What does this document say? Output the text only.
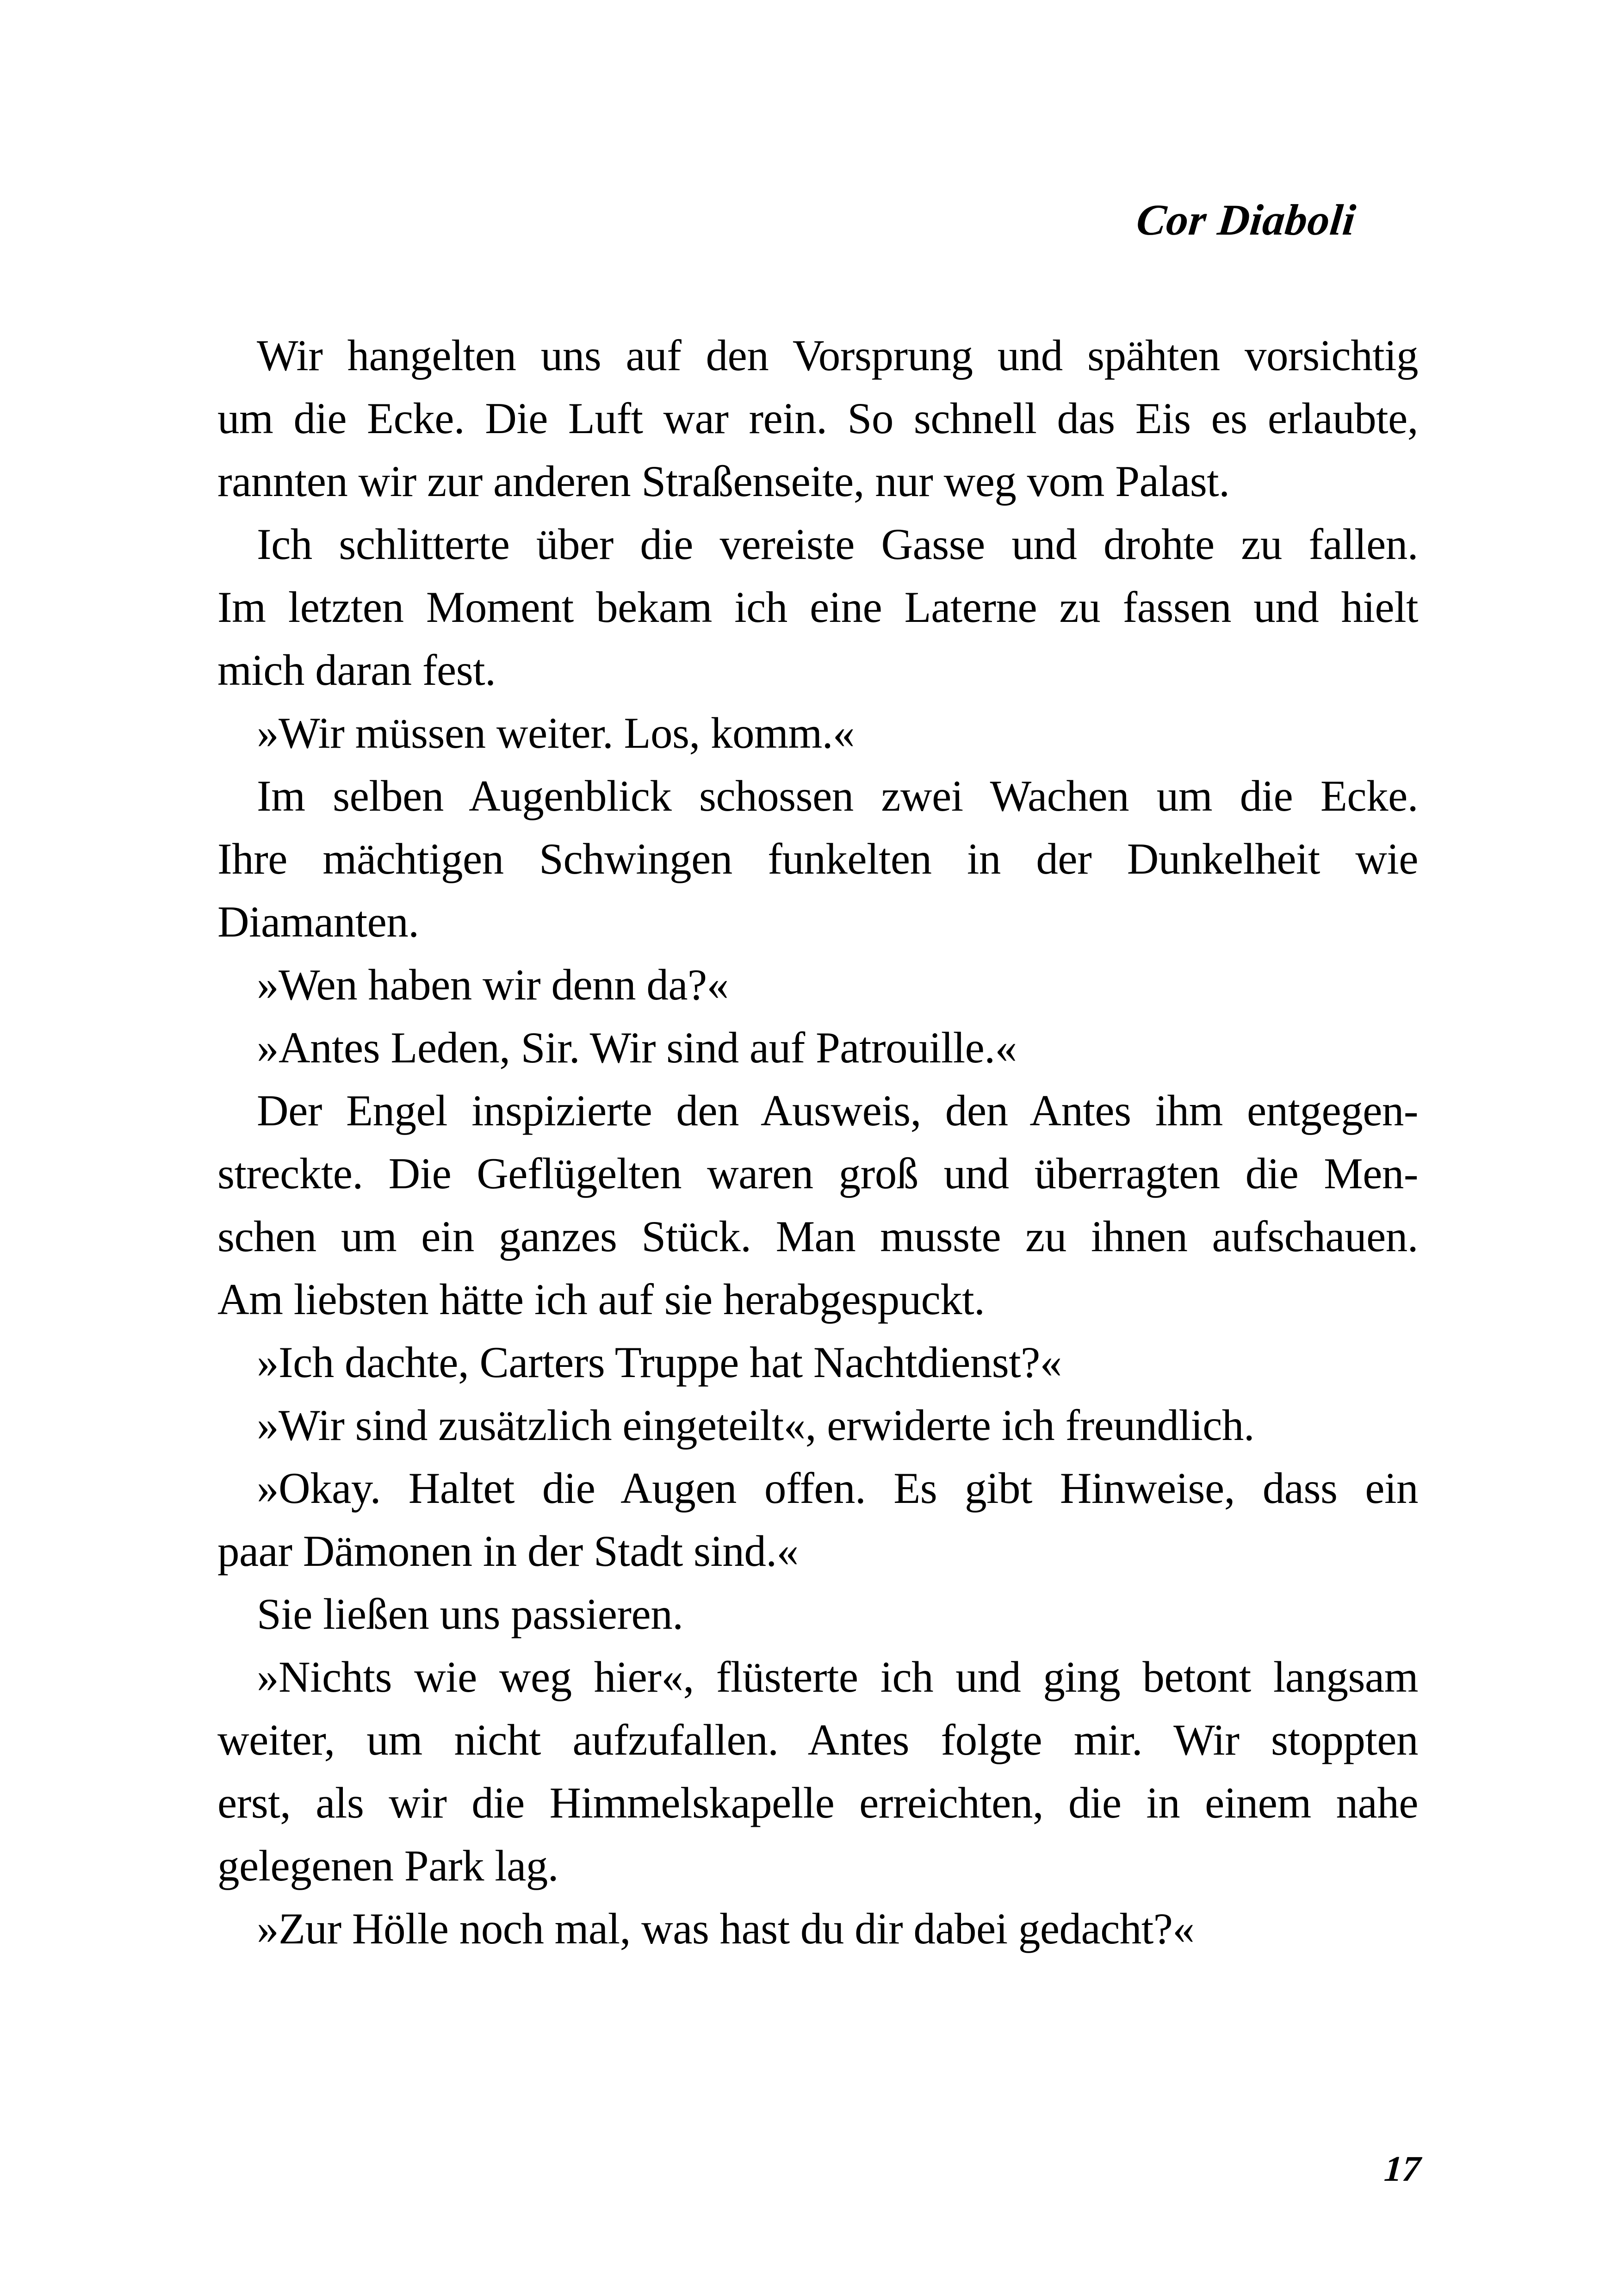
Cor Diaboli
Wir hangelten uns auf den Vorsprung und spähten vorsichtig
um die Ecke. Die Luft war rein. So schnell das Eis es erlaubte,
rannten wir zur anderen Straßenseite, nur weg vom Palast.
Ich schlitterte über die vereiste Gasse und drohte zu fallen.
Im letzten Moment bekam ich eine Laterne zu fassen und hielt
mich daran fest.
»Wir müssen weiter. Los, komm.«
Im selben Augenblick schossen zwei Wachen um die Ecke.
Ihre mächtigen Schwingen funkelten in der Dunkelheit wie
Diamanten.
»Wen haben wir denn da?«
»Antes Leden, Sir. Wir sind auf Patrouille.«
Der Engel inspizierte den Ausweis, den Antes ihm entgegen-
streckte. Die Geflügelten waren groß und überragten die Men-
schen um ein ganzes Stück. Man musste zu ihnen aufschauen.
Am liebsten hätte ich auf sie herabgespuckt.
»Ich dachte, Carters Truppe hat Nachtdienst?«
»Wir sind zusätzlich eingeteilt«, erwiderte ich freundlich.
»Okay. Haltet die Augen offen. Es gibt Hinweise, dass ein
paar Dämonen in der Stadt sind.«
Sie ließen uns passieren.
»Nichts wie weg hier«, flüsterte ich und ging betont langsam
weiter, um nicht aufzufallen. Antes folgte mir. Wir stoppten
erst, als wir die Himmelskapelle erreichten, die in einem nahe
gelegenen Park lag.
»Zur Hölle noch mal, was hast du dir dabei gedacht?«
17
